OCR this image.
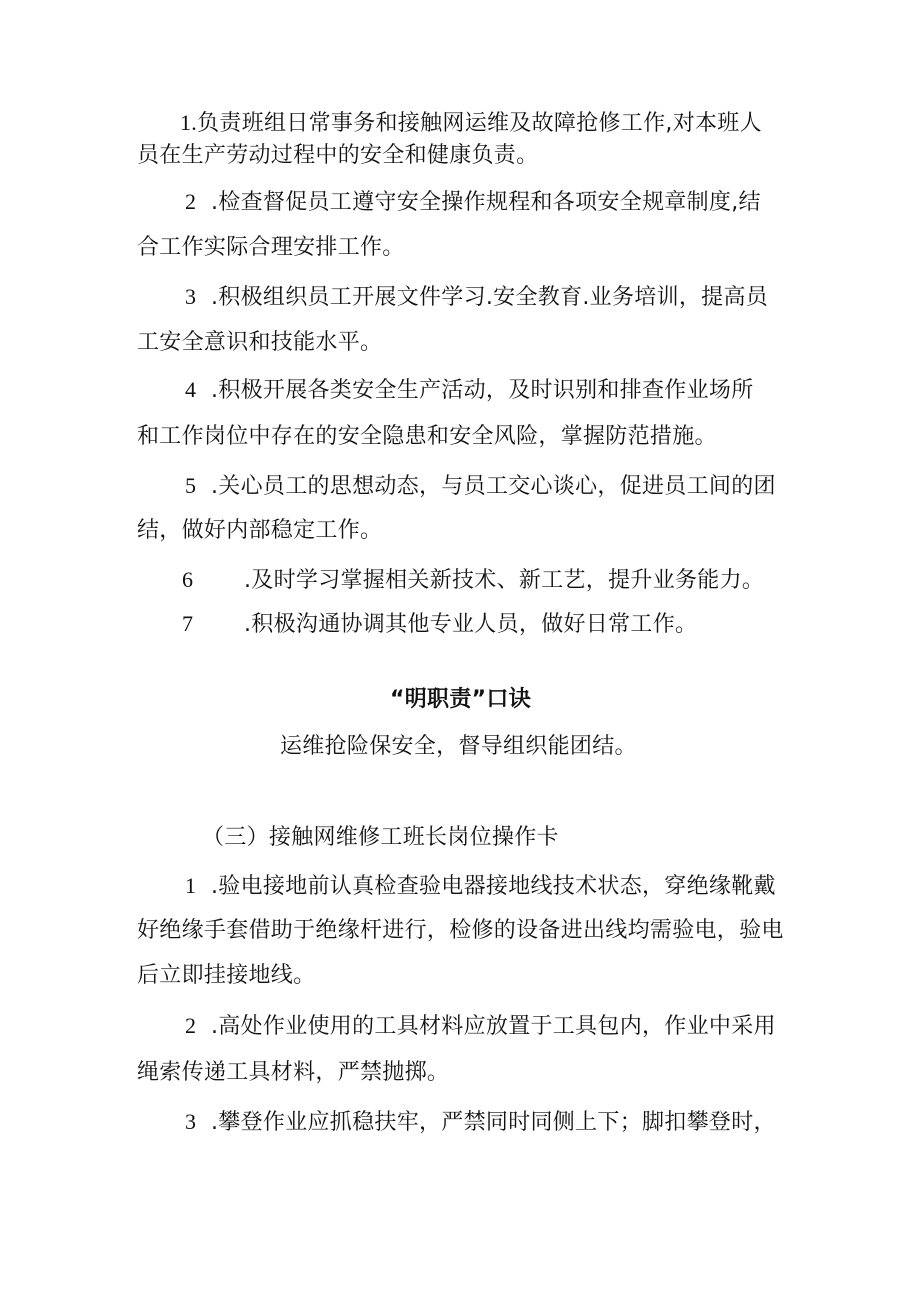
1.负责班组日常事务和接触网运维及故障抢修工作,对本班人
员在生产劳动过程中的安全和健康负责。
2 .检查督促员工遵守安全操作规程和各项安全规章制度,结
合工作实际合理安排工作。
3 .积极组织员工开展文件学习.安全教育.业务培训，提高员
工安全意识和技能水平。
4 .积极开展各类安全生产活动，及时识别和排查作业场所
和工作岗位中存在的安全隐患和安全风险，掌握防范措施。
5 .关心员工的思想动态，与员工交心谈心，促进员工间的团
结，做好内部稳定工作。
6 .及时学习掌握相关新技术、新工艺，提升业务能力。
7 .积极沟通协调其他专业人员，做好日常工作。
“明职责”口诀
运维抢险保安全，督导组织能团结。
（三）接触网维修工班长岗位操作卡
1 .验电接地前认真检查验电器接地线技术状态，穿绝缘靴戴
好绝缘手套借助于绝缘杆进行，检修的设备进出线均需验电，验电
后立即挂接地线。
2 .高处作业使用的工具材料应放置于工具包内，作业中采用
绳索传递工具材料，严禁抛掷。
3 .攀登作业应抓稳扶牢，严禁同时同侧上下；脚扣攀登时，
